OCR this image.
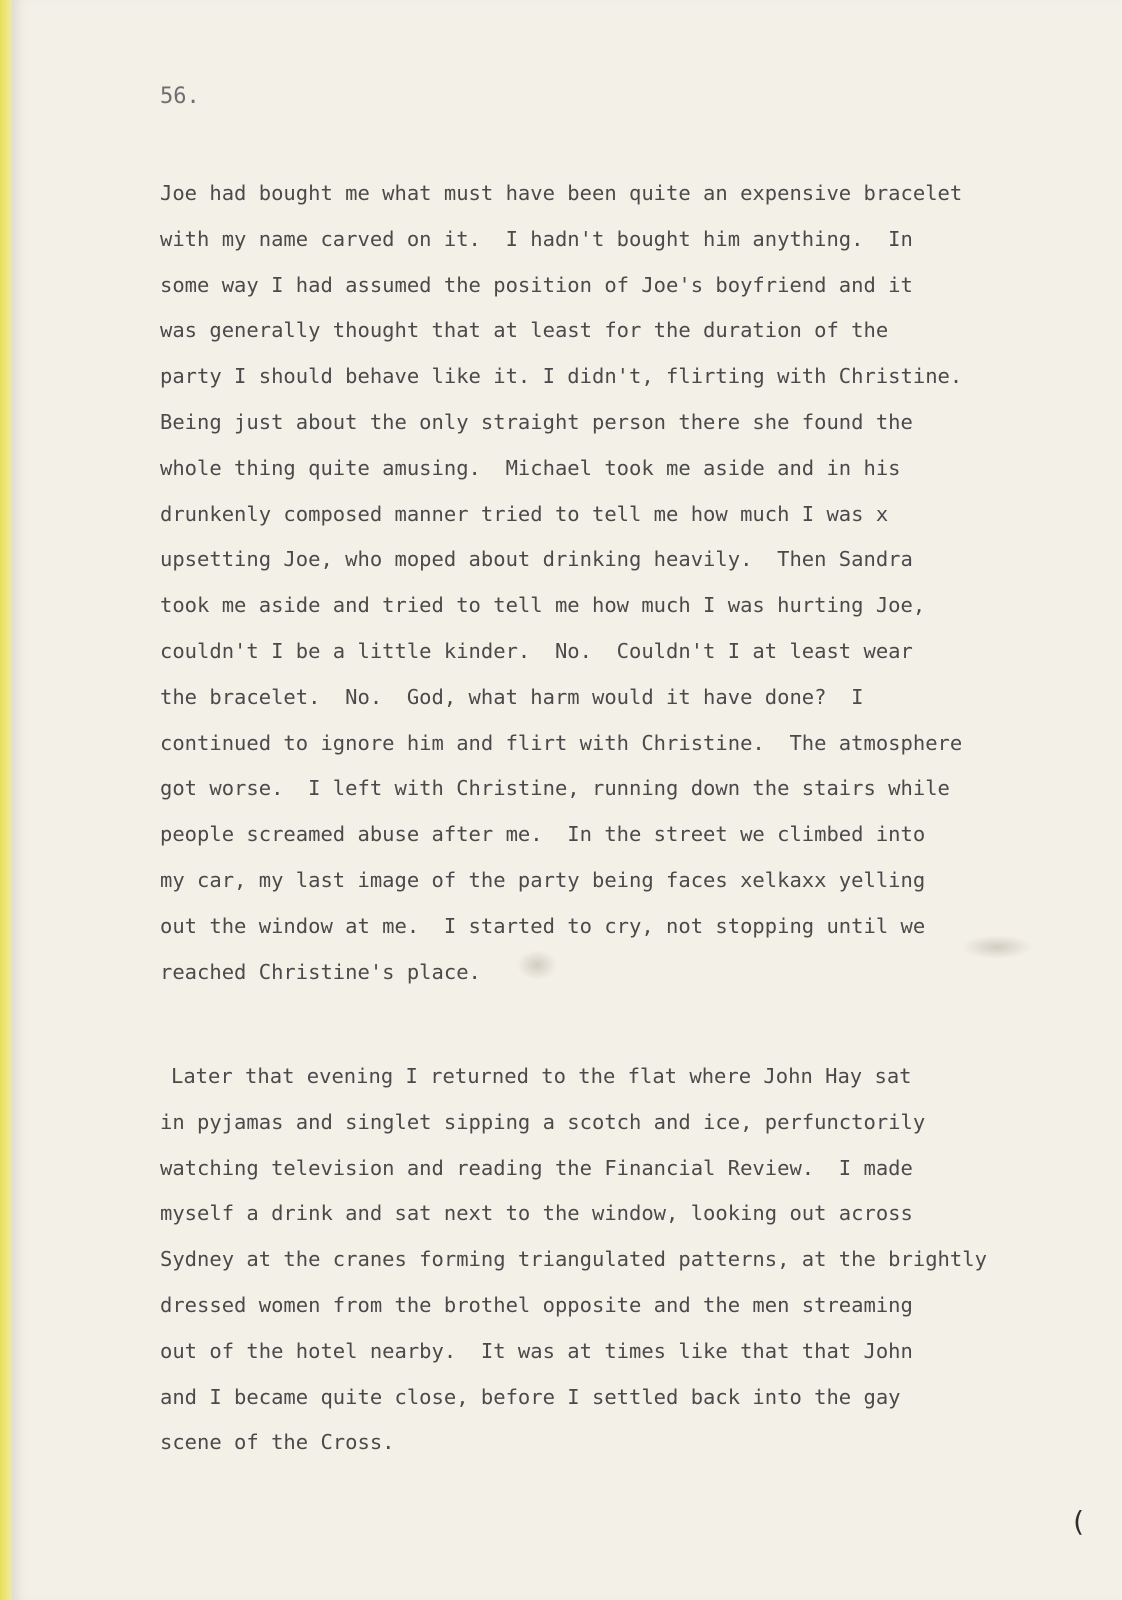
56.

Joe had bought me what must have been quite an expensive bracelet
with my name carved on it.  I hadn't bought him anything.  In
some way I had assumed the position of Joe's boyfriend and it
was generally thought that at least for the duration of the
party I should behave like it. I didn't, flirting with Christine.
Being just about the only straight person there she found the
whole thing quite amusing.  Michael took me aside and in his
drunkenly composed manner tried to tell me how much I was x
upsetting Joe, who moped about drinking heavily.  Then Sandra
took me aside and tried to tell me how much I was hurting Joe,
couldn't I be a little kinder.  No.  Couldn't I at least wear
the bracelet.  No.  God, what harm would it have done?  I
continued to ignore him and flirt with Christine.  The atmosphere
got worse.  I left with Christine, running down the stairs while
people screamed abuse after me.  In the street we climbed into
my car, my last image of the party being faces xelkaxx yelling
out the window at me.  I started to cry, not stopping until we
reached Christine's place.
Later that evening I returned to the flat where John Hay sat
in pyjamas and singlet sipping a scotch and ice, perfunctorily
watching television and reading the Financial Review.  I made
myself a drink and sat next to the window, looking out across
Sydney at the cranes forming triangulated patterns, at the brightly
dressed women from the brothel opposite and the men streaming
out of the hotel nearby.  It was at times like that that John
and I became quite close, before I settled back into the gay
scene of the Cross.
(
